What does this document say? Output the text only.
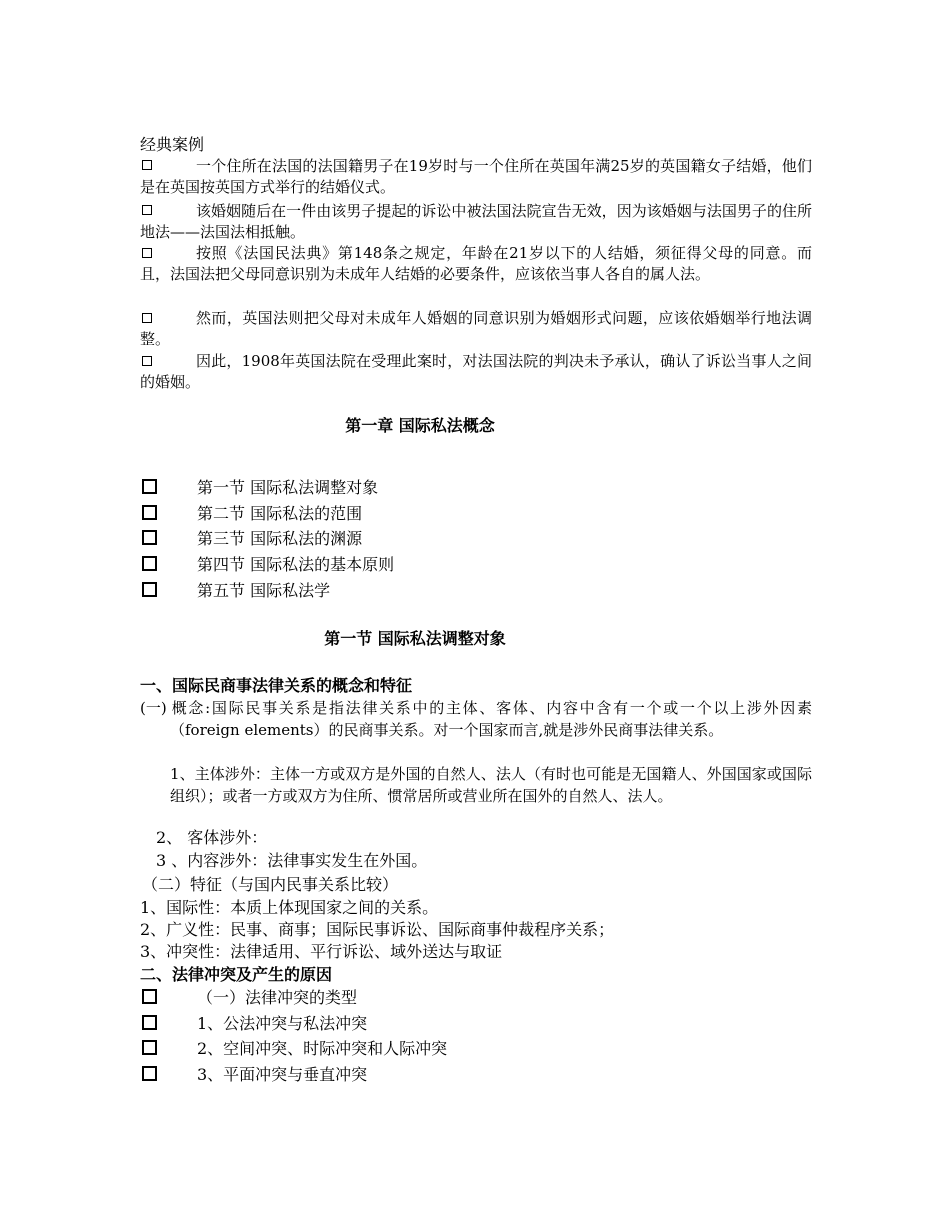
经典案例
一个住所在法国的法国籍男子在19岁时与一个住所在英国年满25岁的英国籍女子结婚，他们是在英国按英国方式举行的结婚仪式。
该婚姻随后在一件由该男子提起的诉讼中被法国法院宣告无效，因为该婚姻与法国男子的住所地法——法国法相抵触。
按照《法国民法典》第148条之规定，年龄在21岁以下的人结婚，须征得父母的同意。而且，法国法把父母同意识别为未成年人结婚的必要条件，应该依当事人各自的属人法。
然而，英国法则把父母对未成年人婚姻的同意识别为婚姻形式问题，应该依婚姻举行地法调整。
因此，1908年英国法院在受理此案时，对法国法院的判决未予承认，确认了诉讼当事人之间的婚姻。
第一章 国际私法概念
第一节 国际私法调整对象
第二节 国际私法的范围
第三节 国际私法的渊源
第四节 国际私法的基本原则
第五节 国际私法学
第一节 国际私法调整对象
一、国际民商事法律关系的概念和特征
(一) 概念:国际民事关系是指法律关系中的主体、客体、内容中含有一个或一个以上涉外因素（foreign elements）的民商事关系。对一个国家而言,就是涉外民商事法律关系。
1、主体涉外：主体一方或双方是外国的自然人、法人（有时也可能是无国籍人、外国国家或国际组织）；或者一方或双方为住所、惯常居所或营业所在国外的自然人、法人。
2、 客体涉外：
3 、内容涉外：法律事实发生在外国。
（二）特征（与国内民事关系比较）
1、国际性：本质上体现国家之间的关系。
2、广义性：民事、商事；国际民事诉讼、国际商事仲裁程序关系；
3、冲突性：法律适用、平行诉讼、域外送达与取证
二、法律冲突及产生的原因
（一）法律冲突的类型
1、公法冲突与私法冲突
2、空间冲突、时际冲突和人际冲突
3、平面冲突与垂直冲突
